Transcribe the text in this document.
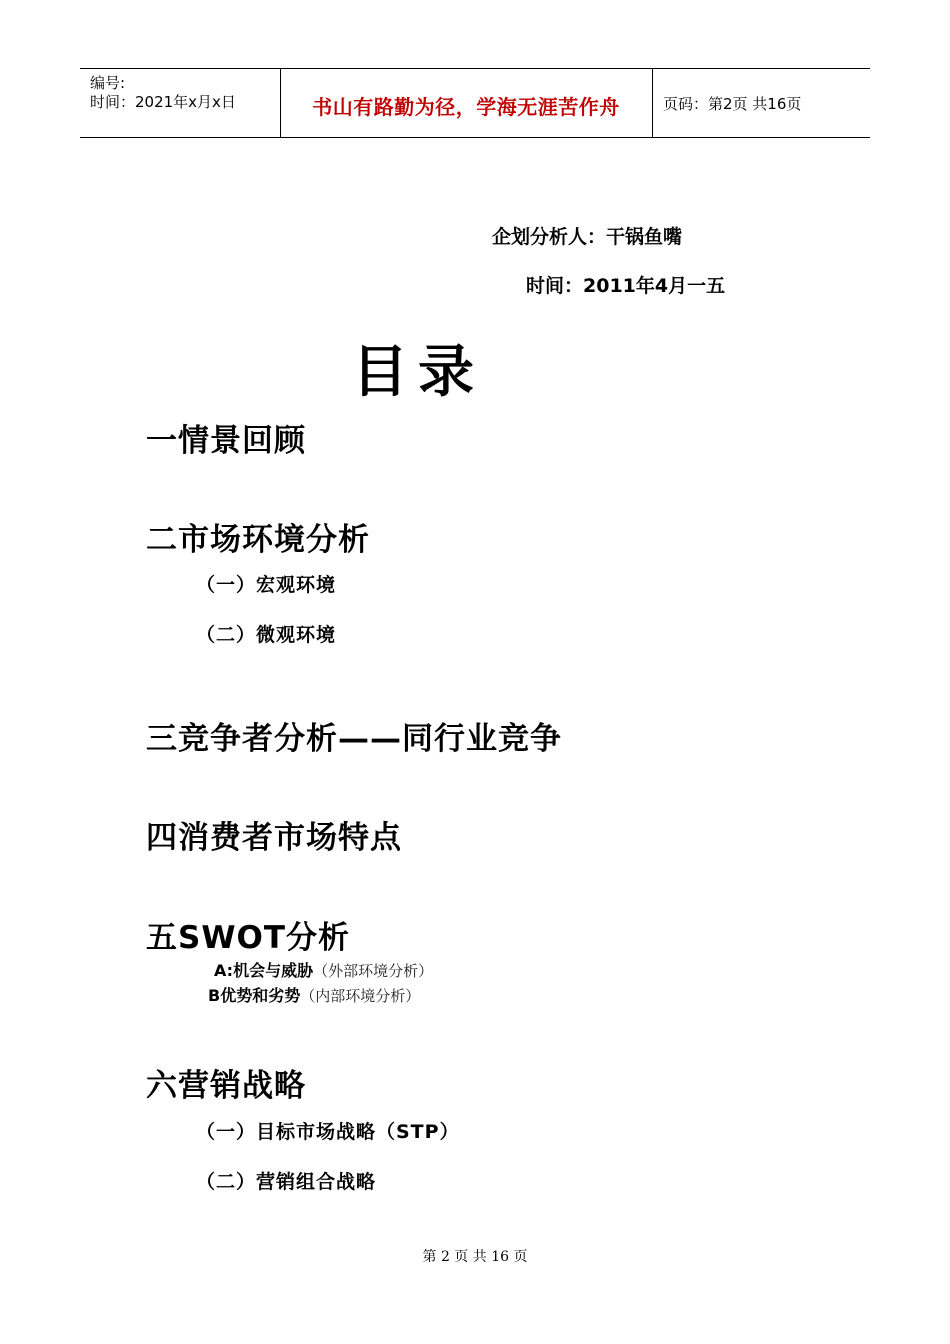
编号:
时间：2021年x月x日	书山有路勤为径，学海无涯苦作舟	页码：第2页 共16页
企划分析人：干锅鱼嘴
时间：2011年4月一五
目录
一情景回顾
二市场环境分析
（一）宏观环境
（二）微观环境
三竞争者分析——同行业竞争
四消费者市场特点
五SWOT分析
A:机会与威胁（外部环境分析）
B优势和劣势（内部环境分析）
六营销战略
（一）目标市场战略（STP）
（二）营销组合战略
第 2 页 共 16 页
